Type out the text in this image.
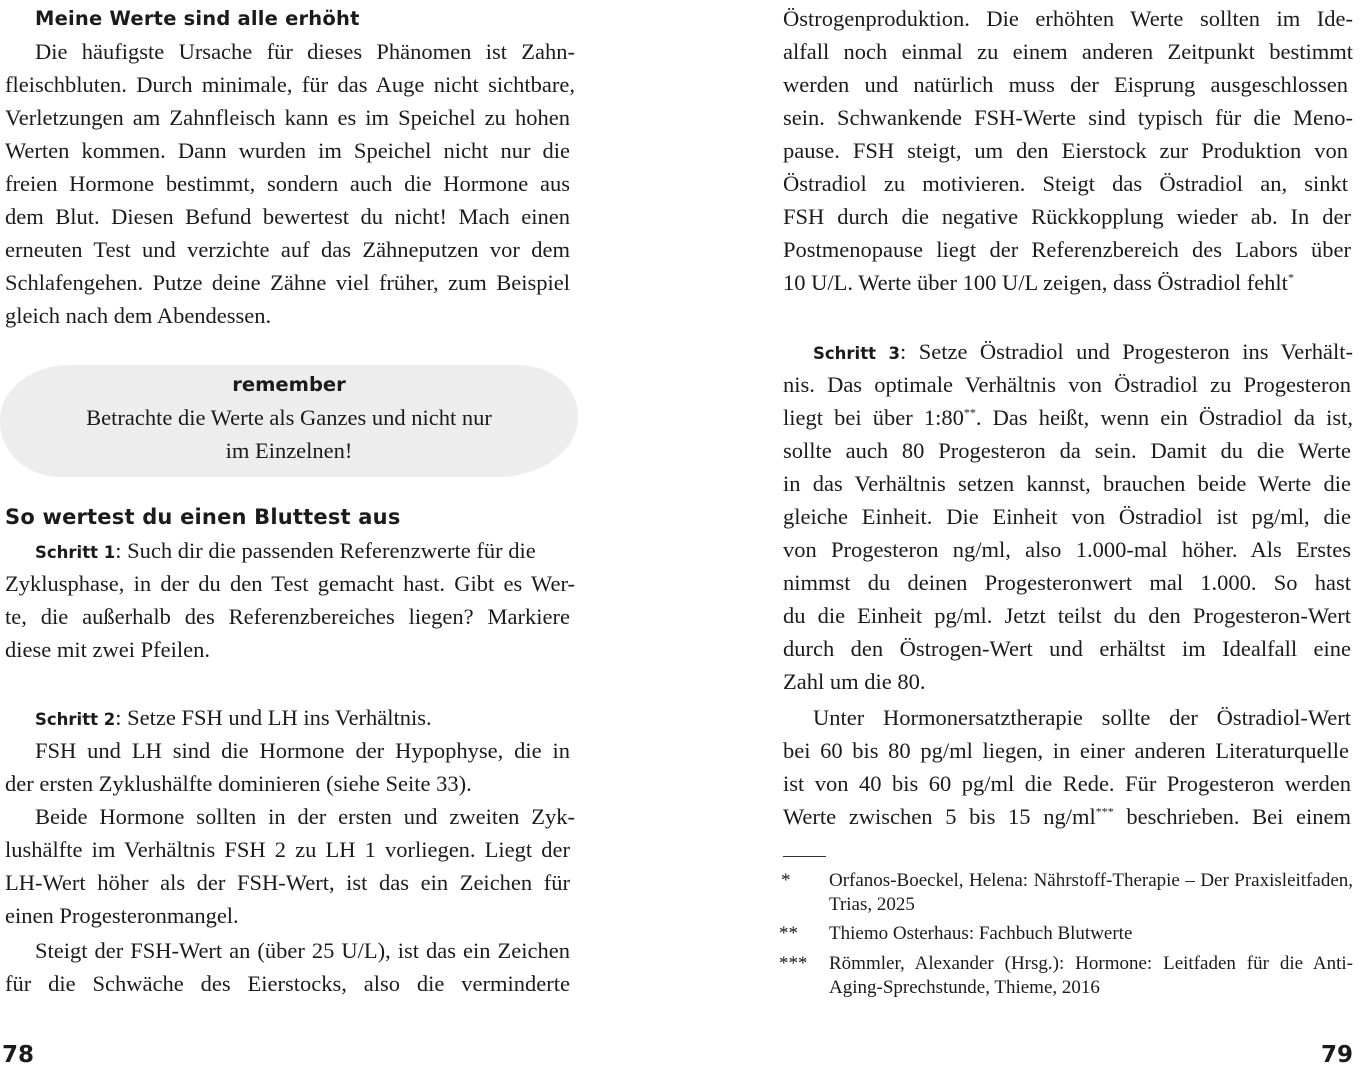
Meine Werte sind alle erhöht
Die häufigste Ursache für dieses Phänomen ist Zahn-
fleischbluten. Durch minimale, für das Auge nicht sichtbare,
Verletzungen am Zahnfleisch kann es im Speichel zu hohen
Werten kommen. Dann wurden im Speichel nicht nur die
freien Hormone bestimmt, sondern auch die Hormone aus
dem Blut. Diesen Befund bewertest du nicht! Mach einen
erneuten Test und verzichte auf das Zähneputzen vor dem
Schlafengehen. Putze deine Zähne viel früher, zum Beispiel
gleich nach dem Abendessen.
remember
Betrachte die Werte als Ganzes und nicht nur
im Einzelnen!
So wertest du einen Bluttest aus
Schritt 1: Such dir die passenden Referenzwerte für die
Zyklusphase, in der du den Test gemacht hast. Gibt es Wer-
te, die außerhalb des Referenzbereiches liegen? Markiere
diese mit zwei Pfeilen.
Schritt 2: Setze FSH und LH ins Verhältnis.
FSH und LH sind die Hormone der Hypophyse, die in
der ersten Zyklushälfte dominieren (siehe Seite 33).
Beide Hormone sollten in der ersten und zweiten Zyk-
lushälfte im Verhältnis FSH 2 zu LH 1 vorliegen. Liegt der
LH-Wert höher als der FSH-Wert, ist das ein Zeichen für
einen Progesteronmangel.
Steigt der FSH-Wert an (über 25 U/L), ist das ein Zeichen
für die Schwäche des Eierstocks, also die verminderte
78
Östrogenproduktion. Die erhöhten Werte sollten im Ide-
alfall noch einmal zu einem anderen Zeitpunkt bestimmt
werden und natürlich muss der Eisprung ausgeschlossen
sein. Schwankende FSH-Werte sind typisch für die Meno-
pause. FSH steigt, um den Eierstock zur Produktion von
Östradiol zu motivieren. Steigt das Östradiol an, sinkt
FSH durch die negative Rückkopplung wieder ab. In der
Postmenopause liegt der Referenzbereich des Labors über
10 U/L. Werte über 100 U/L zeigen, dass Östradiol fehlt*
Schritt 3: Setze Östradiol und Progesteron ins Verhält-
nis. Das optimale Verhältnis von Östradiol zu Progesteron
liegt bei über 1:80**. Das heißt, wenn ein Östradiol da ist,
sollte auch 80 Progesteron da sein. Damit du die Werte
in das Verhältnis setzen kannst, brauchen beide Werte die
gleiche Einheit. Die Einheit von Östradiol ist pg/ml, die
von Progesteron ng/ml, also 1.000-mal höher. Als Erstes
nimmst du deinen Progesteronwert mal 1.000. So hast
du die Einheit pg/ml. Jetzt teilst du den Progesteron-Wert
durch den Östrogen-Wert und erhältst im Idealfall eine
Zahl um die 80.
Unter Hormonersatztherapie sollte der Östradiol-Wert
bei 60 bis 80 pg/ml liegen, in einer anderen Literaturquelle
ist von 40 bis 60 pg/ml die Rede. Für Progesteron werden
Werte zwischen 5 bis 15 ng/ml*** beschrieben. Bei einem
* Orfanos-Boeckel, Helena: Nährstoff-Therapie – Der Praxisleitfaden,
Trias, 2025
** Thiemo Osterhaus: Fachbuch Blutwerte
*** Römmler, Alexander (Hrsg.): Hormone: Leitfaden für die Anti-
Aging-Sprechstunde, Thieme, 2016
79
